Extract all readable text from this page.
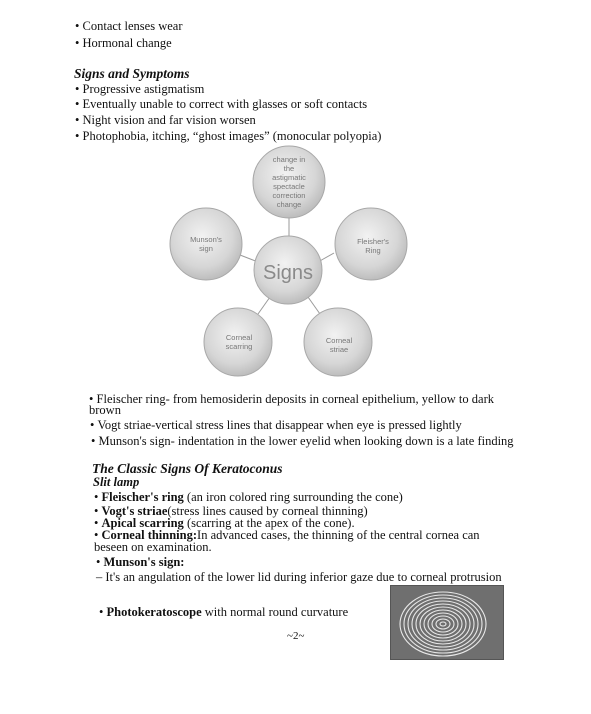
• Contact lenses wear
• Hormonal change
Signs and Symptoms
• Progressive astigmatism
• Eventually unable to correct with glasses or soft contacts
• Night vision and far vision worsen
• Photophobia, itching, “ghost images” (monocular polyopia)
change in
the
astigmatic
spectacle
correction
change
Fleisher's
Ring
Munson's
sign
Corneal
scarring
Corneal
striae
Signs
• Fleischer ring- from hemosiderin deposits in corneal epithelium, yellow to dark
brown
• Vogt striae-vertical stress lines that disappear when eye is pressed lightly
• Munson's sign- indentation in the lower eyelid when looking down is a late finding
The Classic Signs Of Keratoconus
Slit lamp
• Fleischer's ring (an iron colored ring surrounding the cone)
• Vogt's striae(stress lines caused by corneal thinning)
• Apical scarring (scarring at the apex of the cone).
• Corneal thinning:In advanced cases, the thinning of the central cornea can
beseen on examination.
• Munson's sign:
– It's an angulation of the lower lid during inferior gaze due to corneal protrusion
• Photokeratoscope with normal round curvature
~2~
